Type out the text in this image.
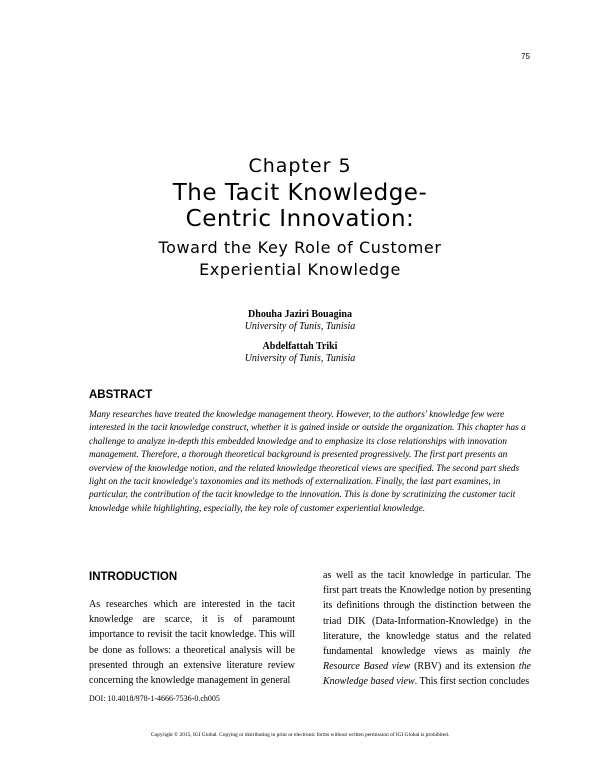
75
Chapter 5
The Tacit Knowledge-
Centric Innovation:
Toward the Key Role of Customer
Experiential Knowledge
Dhouha Jaziri Bouagina
University of Tunis, Tunisia
Abdelfattah Triki
University of Tunis, Tunisia
ABSTRACT

Many researches have treated the knowledge management theory. However, to the authors' knowledge few were interested in the tacit knowledge construct, whether it is gained inside or outside the organization. This chapter has a challenge to analyze in-depth this embedded knowledge and to emphasize its close relationships with innovation management. Therefore, a thorough theoretical background is presented progressively. The first part presents an overview of the knowledge notion, and the related knowledge theoretical views are specified. The second part sheds light on the tacit knowledge's taxonomies and its methods of externalization. Finally, the last part examines, in particular, the contribution of the tacit knowledge to the innovation. This is done by scrutinizing the customer tacit knowledge while highlighting, especially, the key role of customer experiential knowledge.

INTRODUCTION

As researches which are interested in the tacit knowledge are scarce, it is of paramount importance to revisit the tacit knowledge. This will be done as follows: a theoretical analysis will be presented through an extensive literature review concerning the knowledge management in general

as well as the tacit knowledge in particular. The first part treats the Knowledge notion by presenting its definitions through the distinction between the triad DIK (Data-Information-Knowledge) in the literature, the knowledge status and the related fundamental knowledge views as mainly the Resource Based view (RBV) and its extension the Knowledge based view. This first section concludes

DOI: 10.4018/978-1-4666-7536-0.ch005
Copyright © 2015, IGI Global. Copying or distributing in print or electronic forms without written permission of IGI Global is prohibited.
